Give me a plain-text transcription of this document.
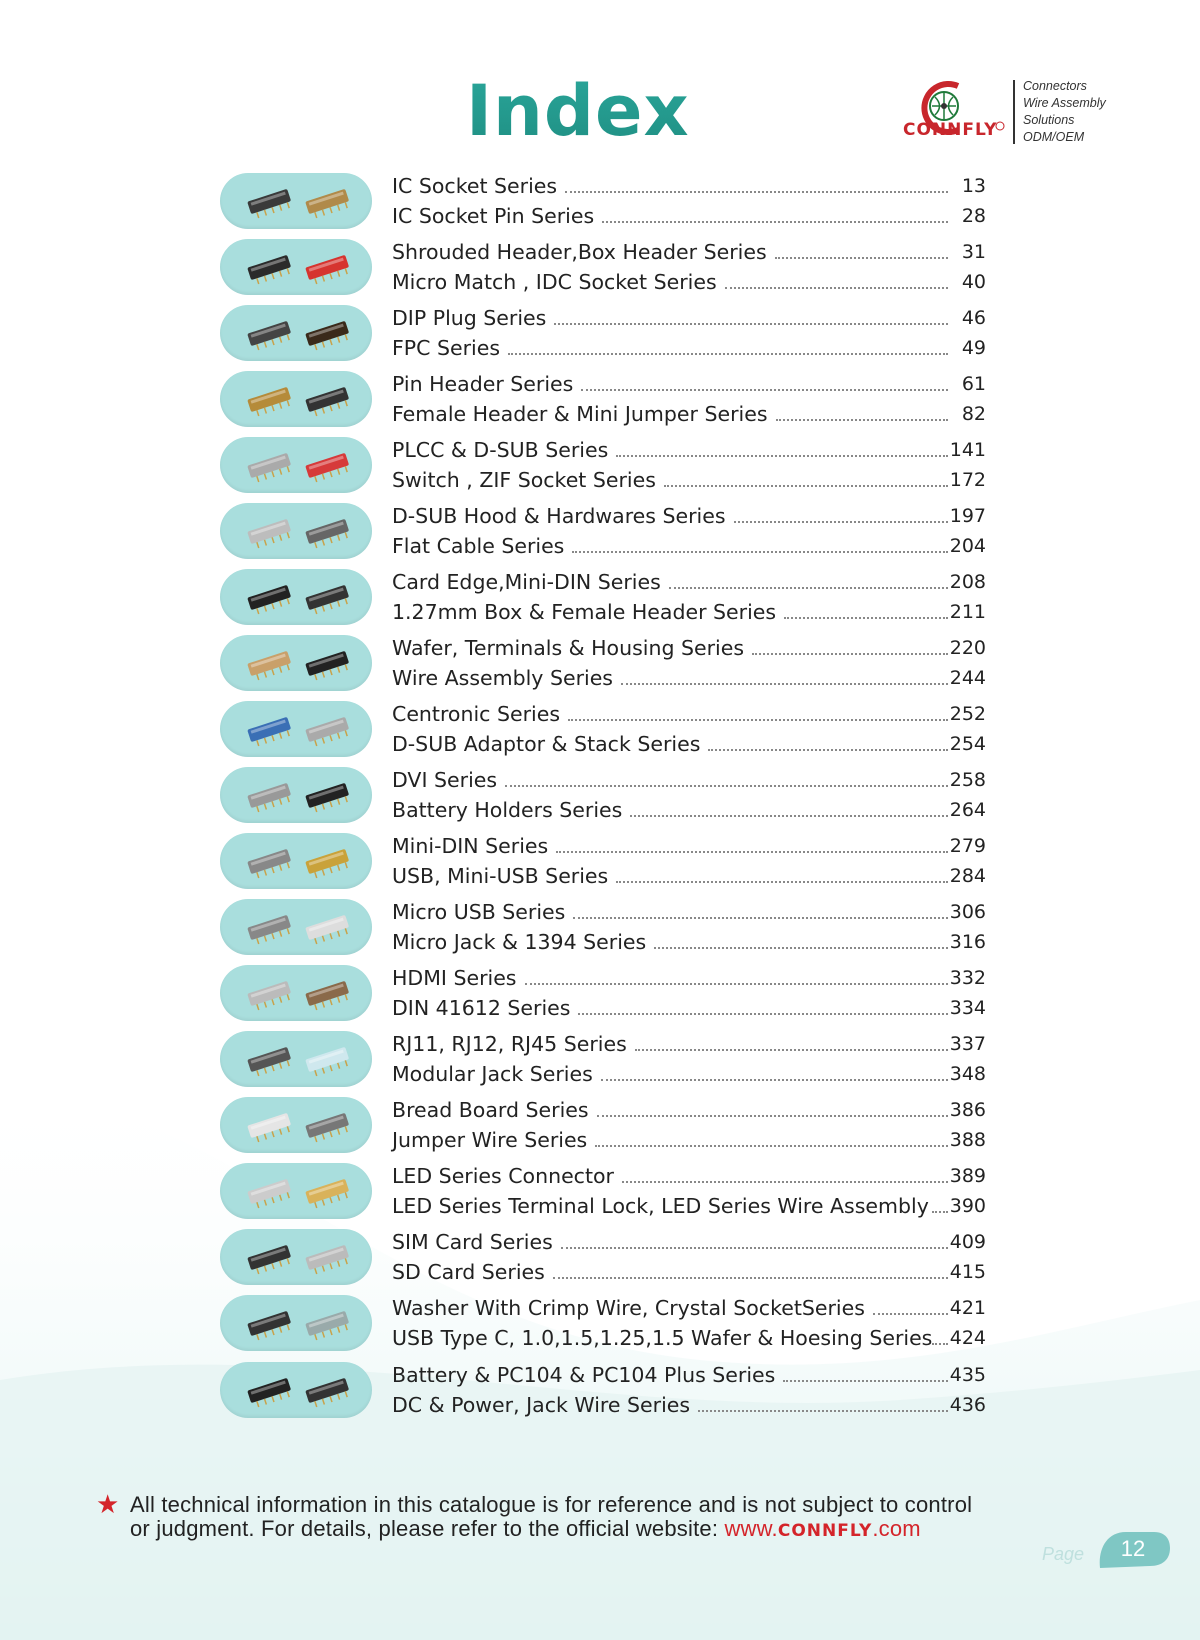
Index	CONNFLY
Connectors
Wire Assembly
Solutions
ODM/OEM
IC Socket Series	13
IC Socket Pin Series	28
Shrouded Header,Box Header Series	31
Micro Match , IDC Socket Series	40
DIP Plug Series	46
FPC Series	49
Pin Header Series	61
Female Header & Mini Jumper Series	82
PLCC & D-SUB Series	141
Switch , ZIF Socket Series	172
D-SUB Hood & Hardwares Series	197
Flat Cable Series	204
Card Edge,Mini-DIN Series	208
1.27mm Box & Female Header Series	211
Wafer, Terminals & Housing Series	220
Wire Assembly Series	244
Centronic Series	252
D-SUB Adaptor & Stack Series	254
DVI Series	258
Battery Holders Series	264
Mini-DIN Series	279
USB, Mini-USB Series	284
Micro USB Series	306
Micro Jack & 1394 Series	316
HDMI Series	332
DIN 41612 Series	334
RJ11, RJ12, RJ45 Series	337
Modular Jack Series	348
Bread Board Series	386
Jumper Wire Series	388
LED Series Connector	389
LED Series Terminal Lock, LED Series Wire Assembly 390
SIM Card Series	409
SD Card Series	415
Washer With Crimp Wire, Crystal SocketSeries	421
USB Type C, 1.0,1.5,1.25,1.5 Wafer & Hoesing Series 424
Battery & PC104 & PC104 Plus Series	435
DC & Power, Jack Wire Series	436
★ All technical information in this catalogue is for reference and is not subject to control
or judgment. For details, please refer to the official website: www.CONNFLY.com
Page	12
